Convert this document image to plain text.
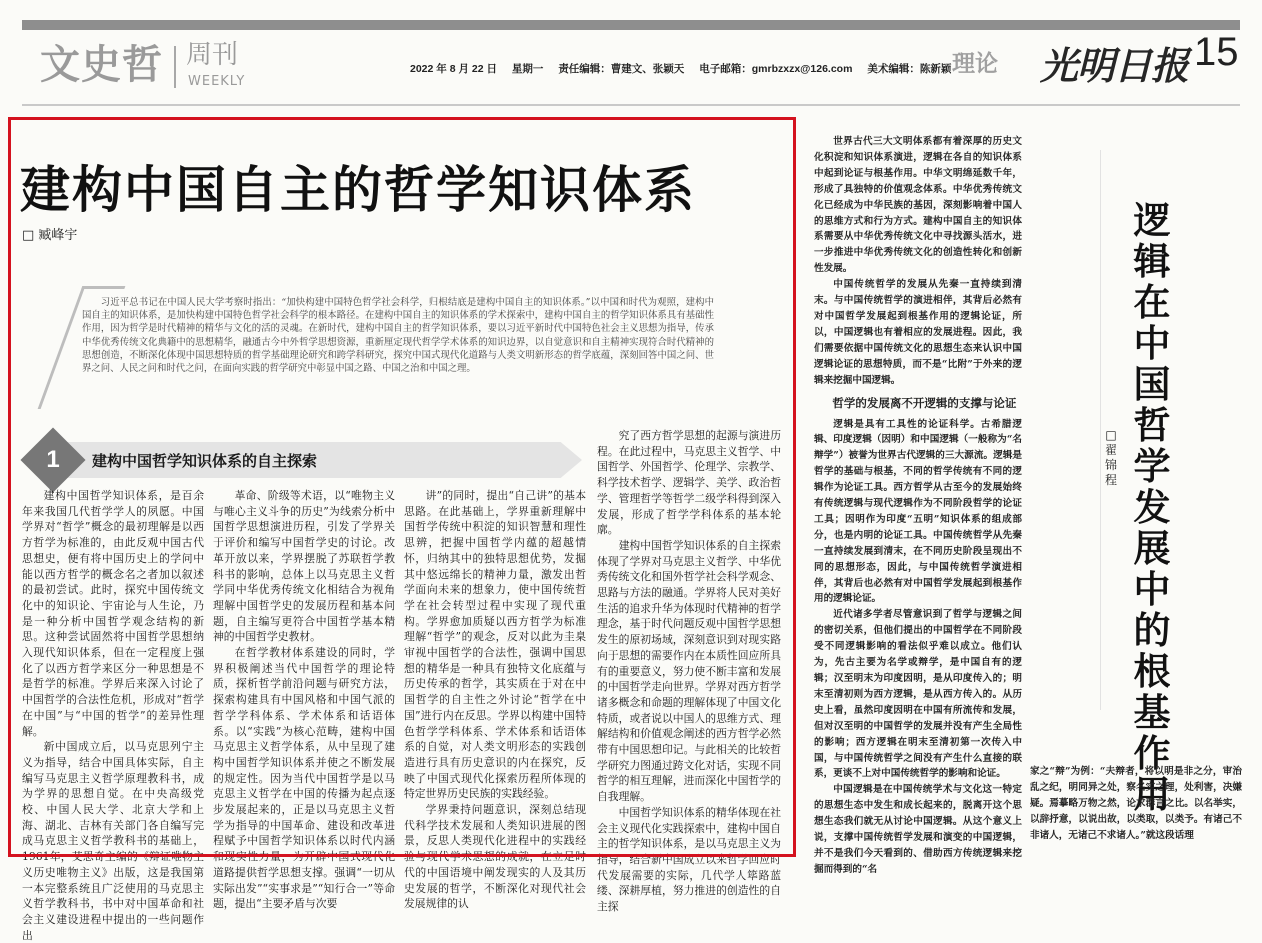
文史哲 周刊
WEEKLY
2022 年 8 月 22 日 星期一 责任编辑：曹建文、张颖天 电子邮箱：gmrbzxzx@126.com 美术编辑：陈新颖 理论 光明日报 15
建构中国自主的哲学知识体系
□ 臧峰宇
习近平总书记在中国人民大学考察时指出：“加快构建中国特色哲学社会科学，归根结底是建构中国自主的知识体系。”以中国和时代为观照，建构中国自主的知识体系，是加快构建中国特色哲学社会科学的根本路径。在建构中国自主的知识体系的学术探索中，建构中国自主的哲学知识体系具有基础性作用，因为哲学是时代精神的精华与文化的活的灵魂。在新时代，建构中国自主的哲学知识体系，要以习近平新时代中国特色社会主义思想为指导，传承中华优秀传统文化典籍中的思想精华，融通古今中外哲学思想资源，重新厘定现代哲学学术体系的知识边界，以自觉意识和自主精神实现符合时代精神的思想创造，不断深化体现中国思想特质的哲学基础理论研究和跨学科研究，探究中国式现代化道路与人类文明新形态的哲学底蕴，深刻回答中国之问、世界之问、人民之问和时代之问，在面向实践的哲学研究中彰显中国之路、中国之治和中国之理。
1	建构中国哲学知识体系的自主探索

建构中国哲学知识体系，是百余年来我国几代哲学学人的夙愿。中国学界对“哲学”概念的最初理解是以西方哲学为标准的，由此反观中国古代思想史，便有将中国历史上的学问中能以西方哲学的概念名之者加以叙述的最初尝试。此时，探究中国传统文化中的知识论、宇宙论与人生论，乃是一种分析中国哲学观念结构的新思。这种尝试固然将中国哲学思想纳入现代知识体系，但在一定程度上强化了以西方哲学来区分一种思想是不是哲学的标准。学界后来深入讨论了中国哲学的合法性危机，形成对“哲学在中国”与“中国的哲学”的差异性理解。

新中国成立后，以马克思列宁主义为指导，结合中国具体实际，自主编写马克思主义哲学原理教科书，成为学界的思想自觉。在中央高级党校、中国人民大学、北京大学和上海、湖北、吉林有关部门各自编写完成马克思主义哲学教科书的基础上，1961年，艾思奇主编的《辩证唯物主义历史唯物主义》出版，这是我国第一本完整系统且广泛使用的马克思主义哲学教科书，书中对中国革命和社会主义建设进程中提出的一些问题作出

革命、阶级等术语，以“唯物主义与唯心主义斗争的历史”为线索分析中国哲学思想演进历程，引发了学界关于评价和编写中国哲学史的讨论。改革开放以来，学界摆脱了苏联哲学教科书的影响，总体上以马克思主义哲学同中华优秀传统文化相结合为视角理解中国哲学史的发展历程和基本问题，自主编写更符合中国哲学基本精神的中国哲学史教材。

在哲学教材体系建设的同时，学界积极阐述当代中国哲学的理论特质，探析哲学前沿问题与研究方法，探索构建具有中国风格和中国气派的哲学学科体系、学术体系和话语体系。以“实践”为核心范畴，建构中国马克思主义哲学体系，从中呈现了建构中国哲学知识体系并使之不断发展的规定性。因为当代中国哲学是以马克思主义哲学在中国的传播为起点逐步发展起来的，正是以马克思主义哲学为指导的中国革命、建设和改革进程赋予中国哲学知识体系以时代内涵和现实性力量，为开辟中国式现代化道路提供哲学思想支撑。强调“一切从实际出发”“实事求是”“知行合一”等命题，提出“主要矛盾与次要

讲”的同时，提出“自己讲”的基本思路。在此基础上，学界重新理解中国哲学传统中积淀的知识智慧和理性思辨，把握中国哲学内蕴的超越情怀，归纳其中的独特思想优势，发掘其中悠远绵长的精神力量，激发出哲学面向未来的想象力，使中国传统哲学在社会转型过程中实现了现代重构。学界愈加质疑以西方哲学为标准理解“哲学”的观念，反对以此为圭臬审视中国哲学的合法性，强调中国思想的精华是一种具有独特文化底蕴与历史传承的哲学，其实质在于对在中国哲学的自主性之外讨论“哲学在中国”进行内在反思。学界以构建中国特色哲学学科体系、学术体系和话语体系的自觉，对人类文明形态的实践创造进行具有历史意识的内在探究，反映了中国式现代化探索历程所体现的特定世界历史民族的实践经验。

学界秉持问题意识，深刻总结现代科学技术发展和人类知识进展的图景，反思人类现代化进程中的实践经验与现代学术思想的成就，在立足时代的中国语境中阐发现实的人及其历史发展的哲学，不断深化对现代社会发展规律的认

究了西方哲学思想的起源与演进历程。在此过程中，马克思主义哲学、中国哲学、外国哲学、伦理学、宗教学、科学技术哲学、逻辑学、美学、政治哲学、管理哲学等哲学二级学科得到深入发展，形成了哲学学科体系的基本轮廓。

建构中国哲学知识体系的自主探索体现了学界对马克思主义哲学、中华优秀传统文化和国外哲学社会科学观念、思路与方法的融通。学界将人民对美好生活的追求升华为体现时代精神的哲学理念，基于时代问题反观中国哲学思想发生的原初场域，深刻意识到对现实路向于思想的需要作内在本质性回应所具有的重要意义，努力使不断丰富和发展的中国哲学走向世界。学界对西方哲学诸多概念和命题的理解体现了中国文化特质，或者说以中国人的思维方式、理解结构和价值观念阐述的西方哲学必然带有中国思想印记。与此相关的比较哲学研究力图通过跨文化对话，实现不同哲学的相互理解，进而深化中国哲学的自我理解。

中国哲学知识体系的精华体现在社会主义现代化实践探索中，建构中国自主的哲学知识体系，是以马克思主义为指导，结合新中国成立以来哲学回应时代发展需要的实际，几代学人筚路蓝缕、深耕厚植，努力推进的创造性的自主探

世界古代三大文明体系都有着深厚的历史文化积淀和知识体系演进，逻辑在各自的知识体系中起到论证与根基作用。中华文明绵延数千年，形成了具独特的价值观念体系。中华优秀传统文化已经成为中华民族的基因，深刻影响着中国人的思维方式和行为方式。建构中国自主的知识体系需要从中华优秀传统文化中寻找源头活水，进一步推进中华优秀传统文化的创造性转化和创新性发展。

中国传统哲学的发展从先秦一直持续到清末。与中国传统哲学的演进相伴，其背后必然有对中国哲学发展起到根基作用的逻辑论证，所以，中国逻辑也有着相应的发展进程。因此，我们需要依据中国传统文化的思想生态来认识中国逻辑论证的思想特质，而不是“比附”于外来的逻辑来挖掘中国逻辑。

哲学的发展离不开逻辑的支撑与论证

逻辑是具有工具性的论证科学。古希腊逻辑、印度逻辑（因明）和中国逻辑（一般称为“名辩学”）被誉为世界古代逻辑的三大源流。逻辑是哲学的基础与根基，不同的哲学传统有不同的逻辑作为论证工具。西方哲学从古至今的发展始终有传统逻辑与现代逻辑作为不同阶段哲学的论证工具；因明作为印度“五明”知识体系的组成部分，也是内明的论证工具。中国传统哲学从先秦一直持续发展到清末，在不同历史阶段呈现出不同的思想形态，因此，与中国传统哲学演进相伴，其背后也必然有对中国哲学发展起到根基作用的逻辑论证。

近代诸多学者尽管意识到了哲学与逻辑之间的密切关系，但他们提出的中国哲学在不同阶段受不同逻辑影响的看法似乎难以成立。他们认为，先古主要为名学或辩学，是中国自有的逻辑；汉至明末为印度因明，是从印度传入的；明末至清初则为西方逻辑，是从西方传入的。从历史上看，虽然印度因明在中国有所流传和发展，但对汉至明的中国哲学的发展并没有产生全局性的影响；西方逻辑在明末至清初第一次传入中国，与中国传统哲学之间没有产生什么直接的联系，更谈不上对中国传统哲学的影响和论证。

中国逻辑是在中国传统学术与文化这一特定的思想生态中发生和成长起来的，脱离开这个思想生态我们就无从讨论中国逻辑。从这个意义上说，支撑中国传统哲学发展和演变的中国逻辑，并不是我们今天看到的、借助西方传统逻辑来挖掘而得到的“名

逻辑在中国哲学发展中的根基作用
□ 翟锦程
家之“辩”为例：“夫辩者，将以明是非之分，审治乱之纪，明同异之处，察名实之理，处利害，决嫌疑。焉摹略万物之然，论求群言之比。以名举实，以辞抒意，以说出故，以类取，以类予。有诸己不非诸人，无诸己不求诸人。”就这段话理
